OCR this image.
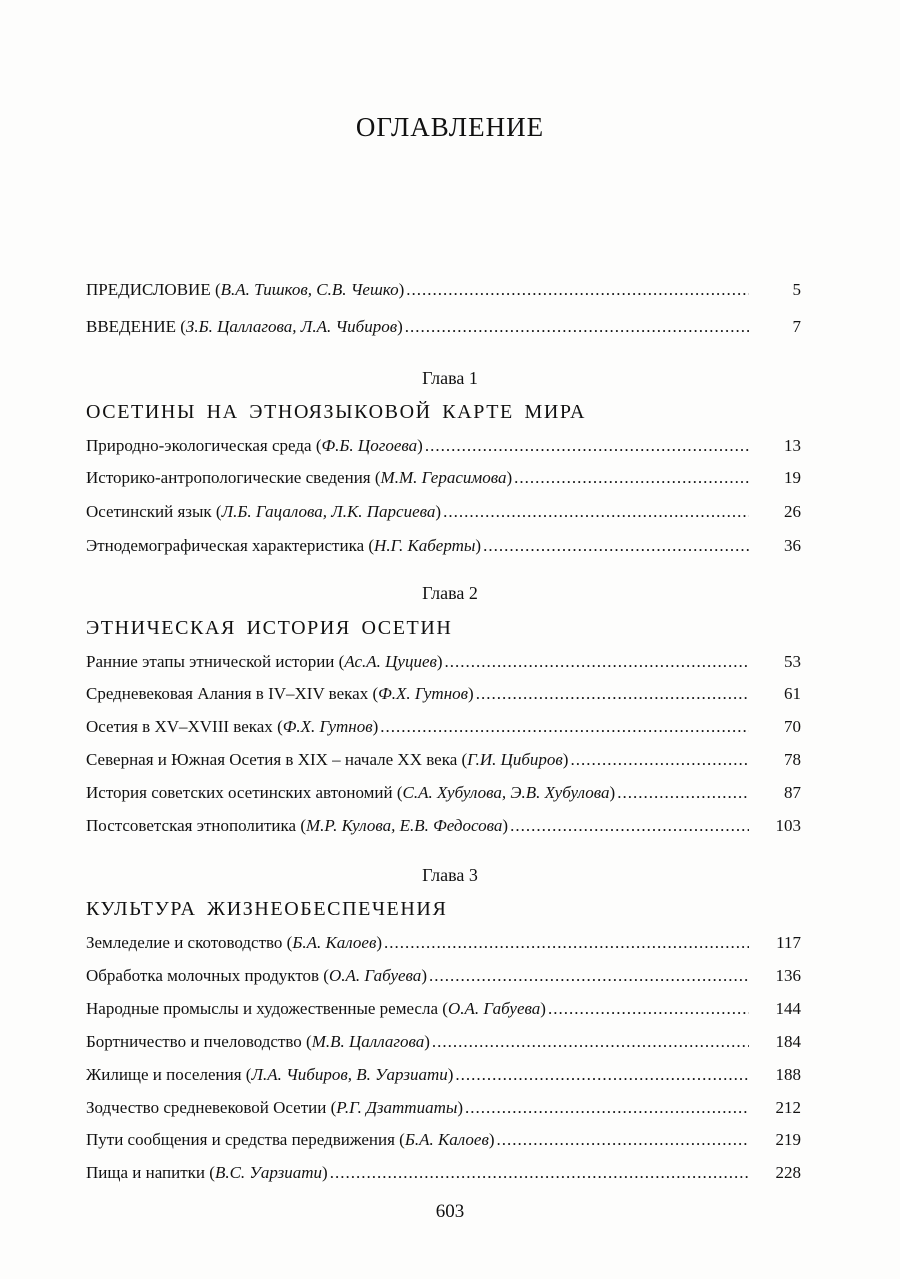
ОГЛАВЛЕНИЕ
ПРЕДИСЛОВИЕ (В.А. Тишков, С.В. Чешко) .....	5
ВВЕДЕНИЕ (З.Б. Цаллагова, Л.А. Чибиров) .....	7
Глава 1
ОСЕТИНЫ НА ЭТНОЯЗЫКОВОЙ КАРТЕ МИРА
Природно-экологическая среда (Ф.Б. Цогоева) .....	13
Историко-антропологические сведения (М.М. Герасимова) .....	19
Осетинский язык (Л.Б. Гацалова, Л.К. Парсиева) .....	26
Этнодемографическая характеристика (Н.Г. Каберты) .....	36
Глава 2
ЭТНИЧЕСКАЯ ИСТОРИЯ ОСЕТИН
Ранние этапы этнической истории (Ас.А. Цуциев) .....	53
Средневековая Алания в IV–XIV веках (Ф.Х. Гутнов) .....	61
Осетия в XV–XVIII веках (Ф.Х. Гутнов) .....	70
Северная и Южная Осетия в XIX – начале XX века (Г.И. Цибиров) .....	78
История советских осетинских автономий (С.А. Хубулова, Э.В. Хубулова) .....	87
Постсоветская этнополитика (М.Р. Кулова, Е.В. Федосова) .....	103
Глава 3
КУЛЬТУРА ЖИЗНЕОБЕСПЕЧЕНИЯ
Земледелие и скотоводство (Б.А. Калоев) .....	117
Обработка молочных продуктов (О.А. Габуева) .....	136
Народные промыслы и художественные ремесла (О.А. Габуева) .....	144
Бортничество и пчеловодство (М.В. Цаллагова) .....	184
Жилище и поселения (Л.А. Чибиров, В. Уарзиати) .....	188
Зодчество средневековой Осетии (Р.Г. Дзаттиаты) .....	212
Пути сообщения и средства передвижения (Б.А. Калоев) .....	219
Пища и напитки (В.С. Уарзиати) .....	228
603
